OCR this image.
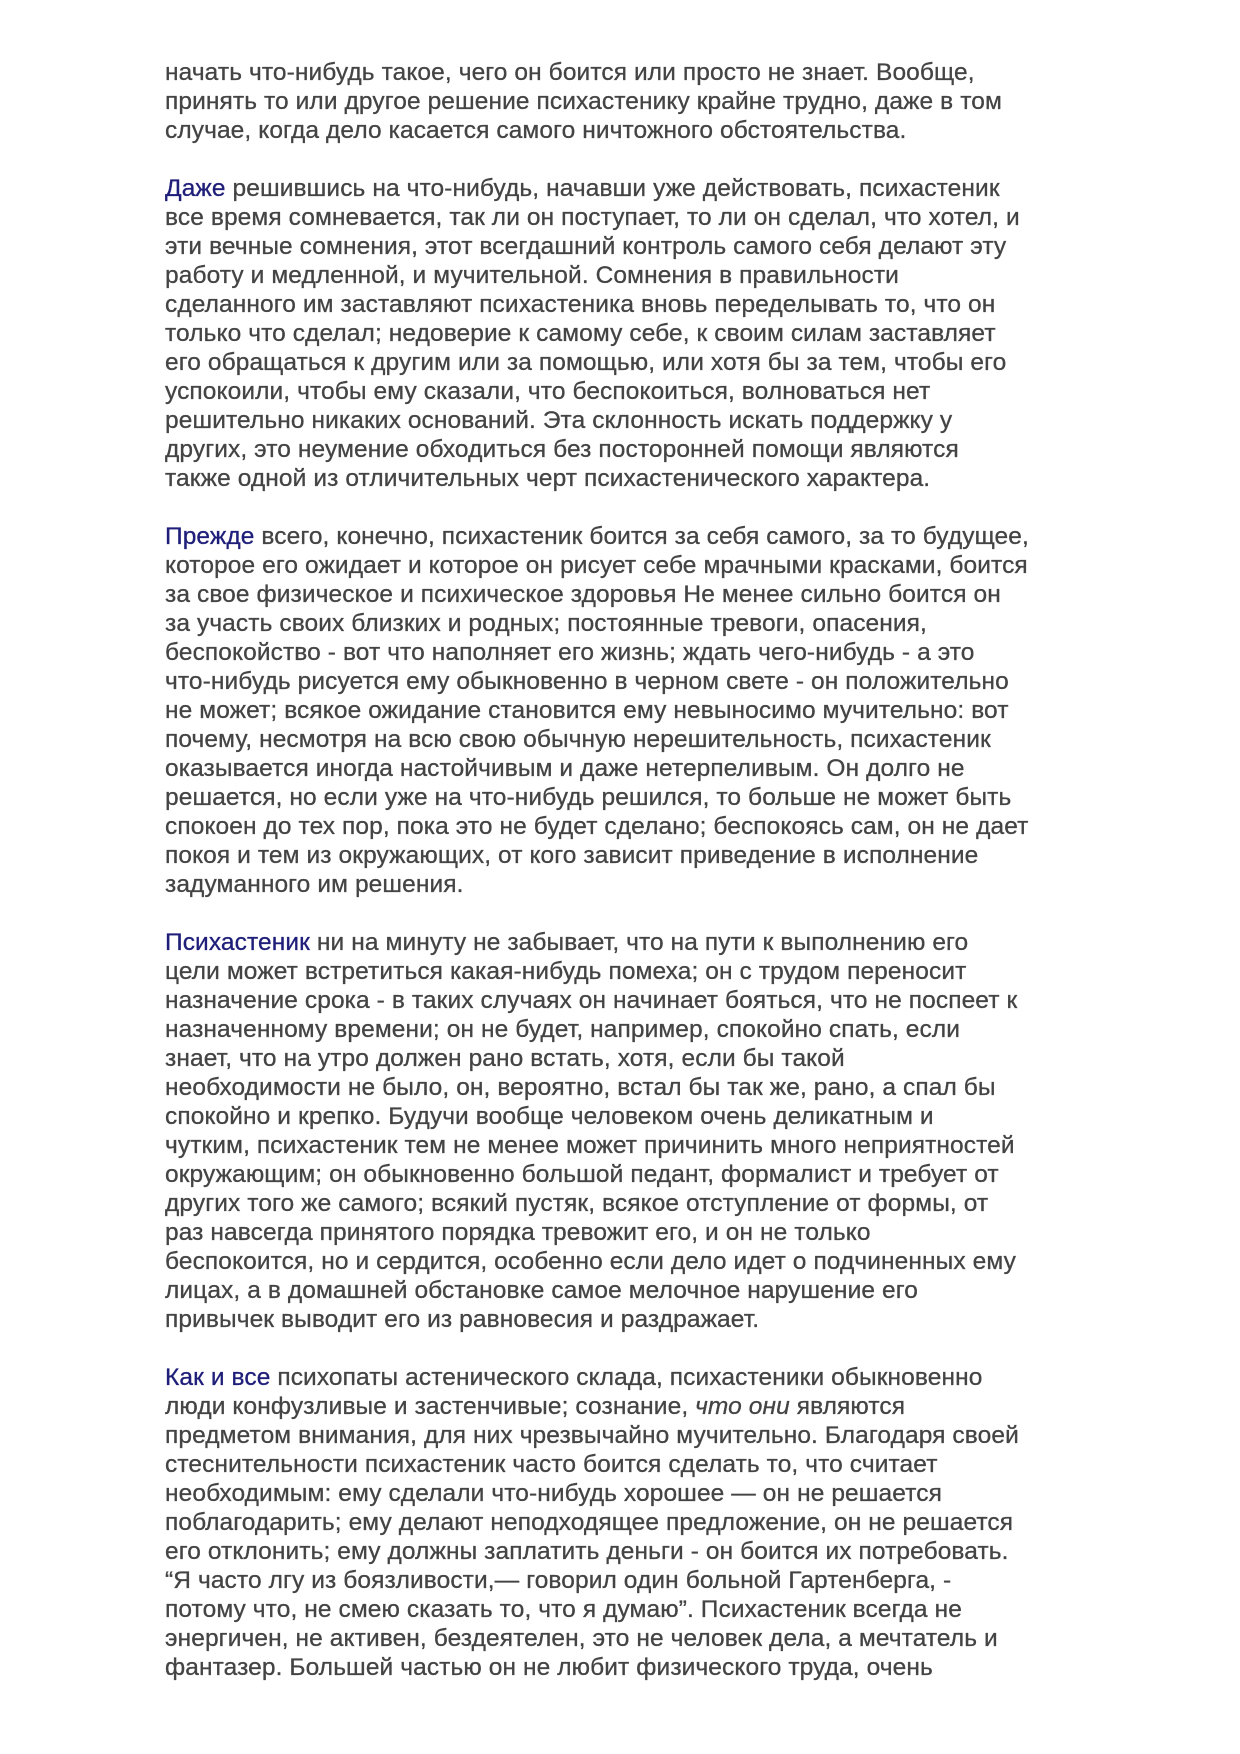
начать что-нибудь такое, чего он боится или просто не знает. Вообще,
принять то или другое решение психастенику крайне трудно, даже в том
случае, когда дело касается самого ничтожного обстоятельства.
Даже решившись на что-нибудь, начавши уже действовать, психастеник
все время сомневается, так ли он поступает, то ли он сделал, что хотел, и
эти вечные сомнения, этот всегдашний контроль самого себя делают эту
работу и медленной, и мучительной. Сомнения в правильности
сделанного им заставляют психастеника вновь переделывать то, что он
только что сделал; недоверие к самому себе, к своим силам заставляет
его обращаться к другим или за помощью, или хотя бы за тем, чтобы его
успокоили, чтобы ему сказали, что беспокоиться, волноваться нет
решительно никаких оснований. Эта склонность искать поддержку у
других, это неумение обходиться без посторонней помощи являются
также одной из отличительных черт психастенического характера.
Прежде всего, конечно, психастеник боится за себя самого, за то будущее,
которое его ожидает и которое он рисует себе мрачными красками, боится
за свое физическое и психическое здоровья Не менее сильно боится он
за участь своих близких и родных; постоянные тревоги, опасения,
беспокойство - вот что наполняет его жизнь; ждать чего-нибудь - а это
что-нибудь рисуется ему обыкновенно в черном свете - он положительно
не может; всякое ожидание становится ему невыносимо мучительно: вот
почему, несмотря на всю свою обычную нерешительность, психастеник
оказывается иногда настойчивым и даже нетерпеливым. Он долго не
решается, но если уже на что-нибудь решился, то больше не может быть
спокоен до тех пор, пока это не будет сделано; беспокоясь сам, он не дает
покоя и тем из окружающих, от кого зависит приведение в исполнение
задуманного им решения.
Психастеник ни на минуту не забывает, что на пути к выполнению его
цели может встретиться какая-нибудь помеха; он с трудом переносит
назначение срока - в таких случаях он начинает бояться, что не поспеет к
назначенному времени; он не будет, например, спокойно спать, если
знает, что на утро должен рано встать, хотя, если бы такой
необходимости не было, он, вероятно, встал бы так же, рано, а спал бы
спокойно и крепко. Будучи вообще человеком очень деликатным и
чутким, психастеник тем не менее может причинить много неприятностей
окружающим; он обыкновенно большой педант, формалист и требует от
других того же самого; всякий пустяк, всякое отступление от формы, от
раз навсегда принятого порядка тревожит его, и он не только
беспокоится, но и сердится, особенно если дело идет о подчиненных ему
лицах, а в домашней обстановке самое мелочное нарушение его
привычек выводит его из равновесия и раздражает.
Как и все психопаты астенического склада, психастеники обыкновенно
люди конфузливые и застенчивые; сознание, что они являются
предметом внимания, для них чрезвычайно мучительно. Благодаря своей
стеснительности психастеник часто боится сделать то, что считает
необходимым: ему сделали что-нибудь хорошее — он не решается
поблагодарить; ему делают неподходящее предложение, он не решается
его отклонить; ему должны заплатить деньги - он боится их потребовать.
“Я часто лгу из боязливости,— говорил один больной Гартенберга, -
потому что, не смею сказать то, что я думаю”. Психастеник всегда не
энергичен, не активен, бездеятелен, это не человек дела, а мечтатель и
фантазер. Большей частью он не любит физического труда, очень
